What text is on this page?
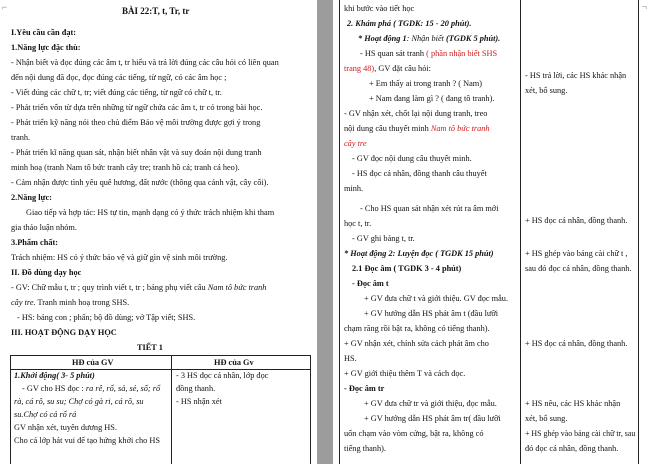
⌐	BÀI 22:T, t, Tr, tr
I.Yêu cầu cần đạt:
1.Năng lực đặc thù:
- Nhận biết và đọc đúng các âm t, tr hiểu và trả lời đúng các câu hỏi có liên quan
đến nội dung đã đọc, đọc đúng các tiếng, từ ngữ, có các âm học ;
- Viết đúng các chữ t, tr; viết đúng các tiếng, từ ngữ có chữ t, tr.
- Phát triển vốn từ dựa trên những từ ngữ chứa các âm t, tr có trong bài học.
- Phát triển kỹ năng nói theo chủ điểm Bảo vệ môi trường được gợi ý trong
tranh.
- Phát triển kĩ năng quan sát, nhận biết nhân vật và suy đoán nội dung tranh
minh hoạ (tranh Nam tô bức tranh cây tre; tranh hồ cá; tranh cá heo).
- Cảm nhận được tình yêu quê hương, đất nước (thông qua cảnh vật, cây cối).
2.Năng lực:
Giao tiếp và hợp tác: HS tự tin, mạnh dạng có ý thức trách nhiệm khi tham
gia thảo luận nhóm.
3.Phẩm chất:
Trách nhiệm: HS có ý thức bảo vệ và giữ gìn vệ sinh môi trường.
II. Đồ dùng dạy học
- GV: Chữ mẫu t, tr ; quy trình viết t, tr ; bảng phụ viết câu Nam tô bức tranh
cây tre. Tranh minh hoạ trong SHS.
- HS: bảng con ; phấn; bộ đồ dùng; vở Tập viết; SHS.
III. HOẠT ĐỘNG DẠY HỌC
TIẾT 1
HĐ của GV	HĐ của Gv
1.Khởi động( 3- 5 phút)
- GV cho HS đọc : ra rê, rổ, sả, sẻ, số; rổ
rà, cá rô, su su; Chợ có gà ri, cá rô, su
su.Chợ có cả rổ rá
GV nhận xét, tuyên dương HS.
Cho cả lớp hát vui để tạo hứng khởi cho HS
- 3 HS đọc cá nhân, lớp đọc
đồng thanh.
- HS nhận xét
¬
khi bước vào tiết học
2. Khám phá ( TGDK: 15 - 20 phút).
* Hoạt động 1: Nhận biết (TGDK 5 phút).
- HS quan sát tranh ( phần nhận biết SHS
trang 48), GV đặt câu hỏi:
+ Em thấy ai trong tranh ? ( Nam)
+ Nam đang làm gì ? ( đang tô tranh).
- GV nhận xét, chốt lại nội dung tranh, treo
nội dung câu thuyết minh Nam tô bức tranh
cây tre
- GV đọc nội dung câu thuyết minh.
- HS đọc cá nhân, đồng thanh câu thuyết
minh.
- Cho HS quan sát nhận xét rút ra âm mới
học t, tr.
- GV ghi bảng t, tr.
* Hoạt động 2: Luyện đọc ( TGDK 15 phút)
2.1 Đọc âm ( TGDK 3 - 4 phút)
- Đọc âm t
+ GV đưa chữ t và giới thiệu. GV đọc mẫu.
+ GV hướng dẫn HS phát âm t (đầu lưỡi
chạm răng rồi bật ra, không có tiếng thanh).
+ GV nhận xét, chỉnh sửa cách phát âm cho
HS.
+ GV giới thiệu thêm T và cách đọc.
- Đọc âm tr
+ GV đưa chữ tr và giới thiệu, đọc mẫu.
+ GV hướng dẫn HS phát âm tr( đầu lưỡi
uốn chạm vào vòm cứng, bật ra, không có
tiếng thanh).
- HS trả lời, các HS khác nhận
xét, bổ sung.
+ HS đọc cá nhân, đồng thanh.
+ HS ghép vào bảng cài chữ t ,
sau đó đọc cá nhân, đồng thanh.
+ HS đọc cá nhân, đồng thanh.
+ HS nêu, các HS khác nhận
xét, bổ sung.
+ HS ghép vào bảng cài chữ tr, sau
đó đọc cá nhân, đồng thanh.
